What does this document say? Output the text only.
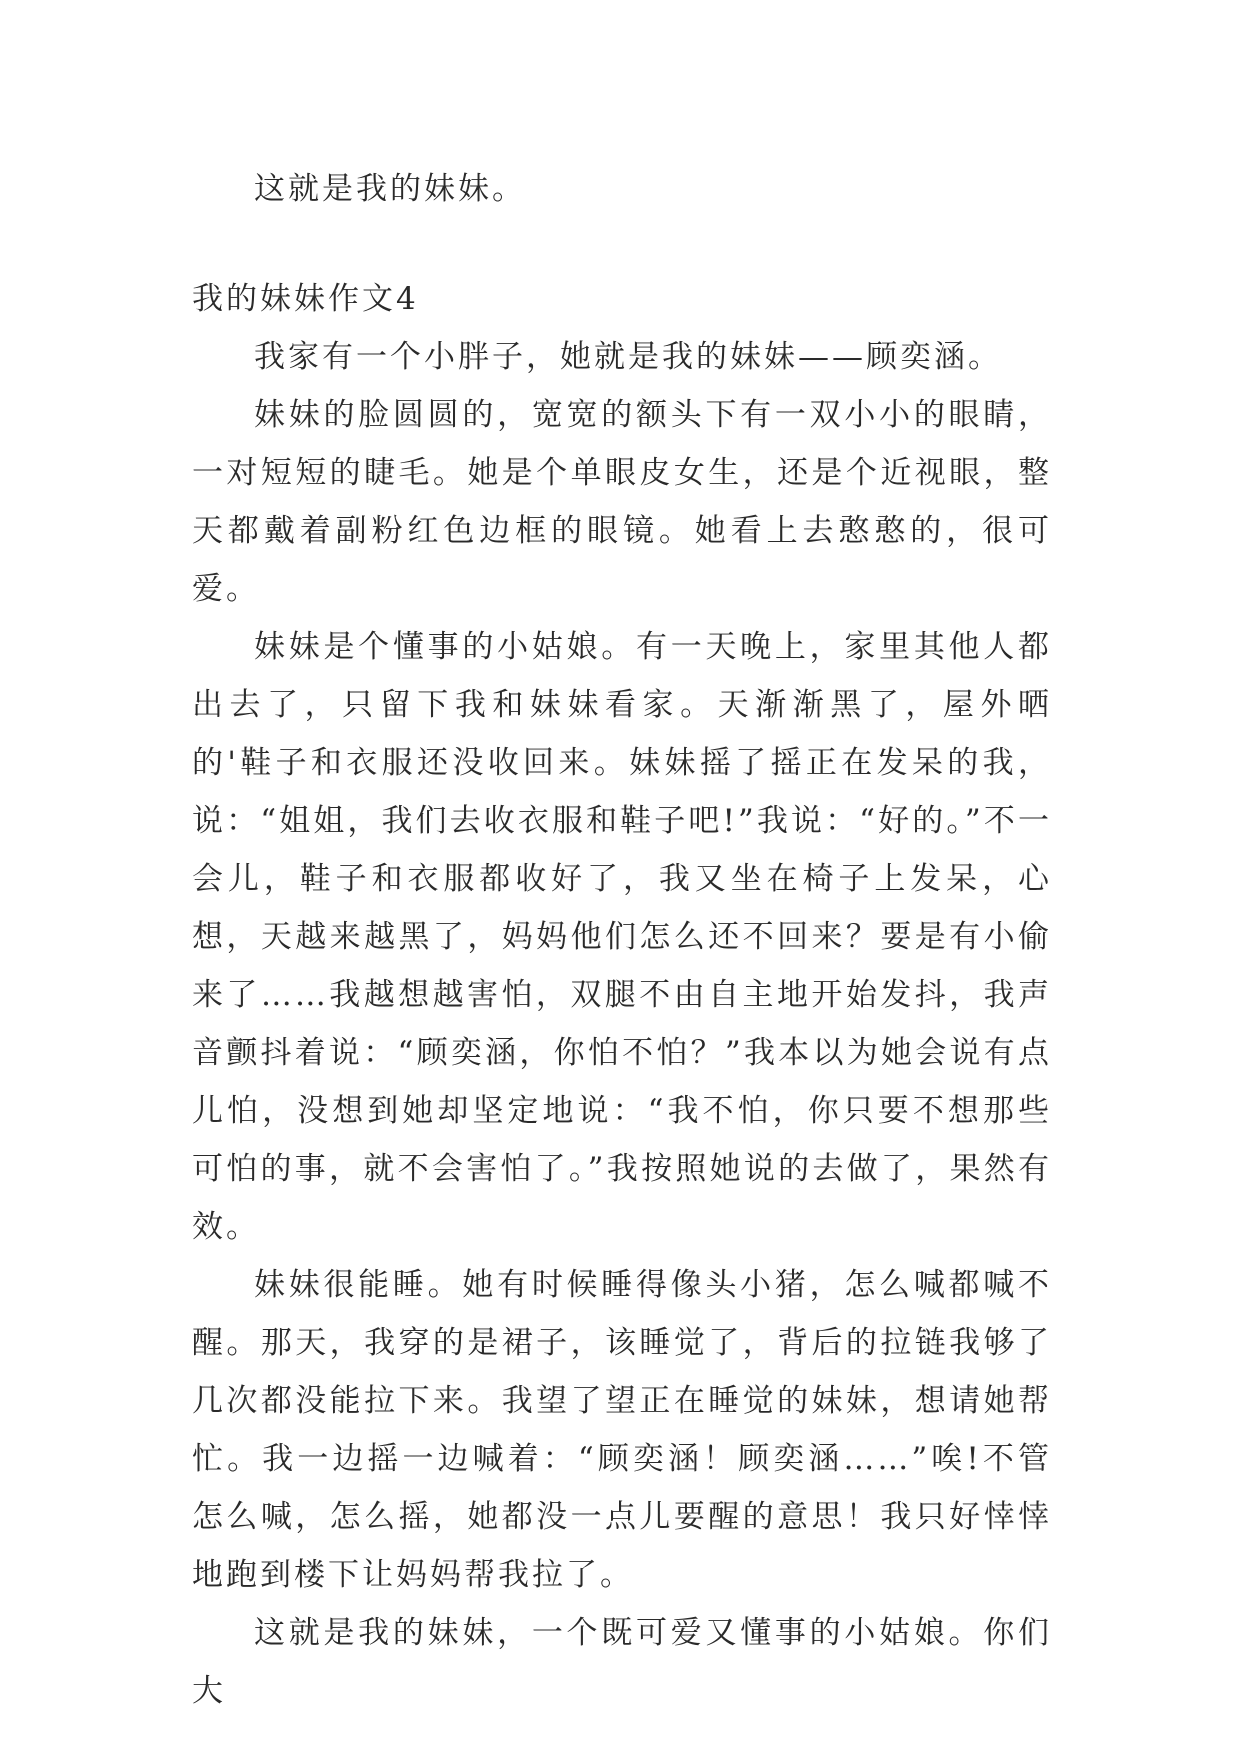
这就是我的妹妹。

我的妹妹作文4

我家有一个小胖子，她就是我的妹妹——顾奕涵。

妹妹的脸圆圆的，宽宽的额头下有一双小小的眼睛，一对短短的睫毛。她是个单眼皮女生，还是个近视眼，整天都戴着副粉红色边框的眼镜。她看上去憨憨的，很可爱。

妹妹是个懂事的小姑娘。有一天晚上，家里其他人都出去了，只留下我和妹妹看家。天渐渐黑了，屋外晒的'鞋子和衣服还没收回来。妹妹摇了摇正在发呆的我，说：“姐姐，我们去收衣服和鞋子吧!”我说：“好的。”不一会儿，鞋子和衣服都收好了，我又坐在椅子上发呆，心想，天越来越黑了，妈妈他们怎么还不回来？要是有小偷来了……我越想越害怕，双腿不由自主地开始发抖，我声音颤抖着说：“顾奕涵，你怕不怕？”我本以为她会说有点儿怕，没想到她却坚定地说：“我不怕，你只要不想那些可怕的事，就不会害怕了。”我按照她说的去做了，果然有效。

妹妹很能睡。她有时候睡得像头小猪，怎么喊都喊不醒。那天，我穿的是裙子，该睡觉了，背后的拉链我够了几次都没能拉下来。我望了望正在睡觉的妹妹，想请她帮忙。我一边摇一边喊着：“顾奕涵！顾奕涵……”唉!不管怎么喊，怎么摇，她都没一点儿要醒的意思！我只好悻悻地跑到楼下让妈妈帮我拉了。

这就是我的妹妹，一个既可爱又懂事的小姑娘。你们大
